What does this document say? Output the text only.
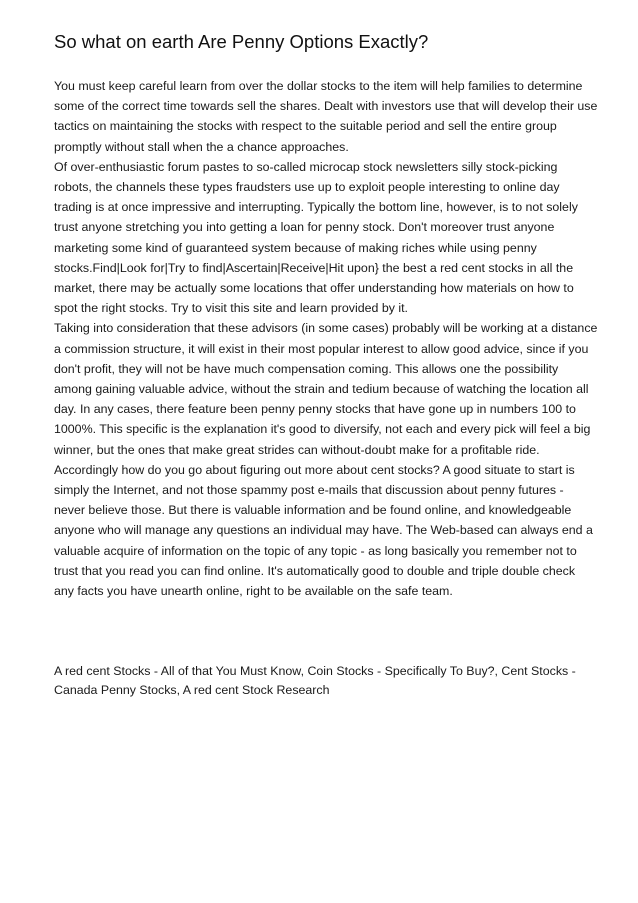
So what on earth Are Penny Options Exactly?

You must keep careful learn from over the dollar stocks to the item will help families to determine some of the correct time towards sell the shares. Dealt with investors use that will develop their use tactics on maintaining the stocks with respect to the suitable period and sell the entire group promptly without stall when the a chance approaches.

Of over-enthusiastic forum pastes to so-called microcap stock newsletters silly stock-picking robots, the channels these types fraudsters use up to exploit people interesting to online day trading is at once impressive and interrupting. Typically the bottom line, however, is to not solely trust anyone stretching you into getting a loan for penny stock. Don't moreover trust anyone marketing some kind of guaranteed system because of making riches while using penny stocks.Find|Look for|Try to find|Ascertain|Receive|Hit upon} the best a red cent stocks in all the market, there may be actually some locations that offer understanding how materials on how to spot the right stocks. Try to visit this site and learn provided by it.

Taking into consideration that these advisors (in some cases) probably will be working at a distance a commission structure, it will exist in their most popular interest to allow good advice, since if you don't profit, they will not be have much compensation coming. This allows one the possibility among gaining valuable advice, without the strain and tedium because of watching the location all day. In any cases, there feature been penny penny stocks that have gone up in numbers 100 to 1000%. This specific is the explanation it's good to diversify, not each and every pick will feel a big winner, but the ones that make great strides can without-doubt make for a profitable ride.

Accordingly how do you go about figuring out more about cent stocks? A good situate to start is simply the Internet, and not those spammy post e-mails that discussion about penny futures - never believe those. But there is valuable information and be found online, and knowledgeable anyone who will manage any questions an individual may have. The Web-based can always end a valuable acquire of information on the topic of any topic - as long basically you remember not to trust that you read you can find online. It's automatically good to double and triple double check any facts you have unearth online, right to be available on the safe team.

A red cent Stocks - All of that You Must Know, Coin Stocks - Specifically To Buy?, Cent Stocks - Canada Penny Stocks, A red cent Stock Research
